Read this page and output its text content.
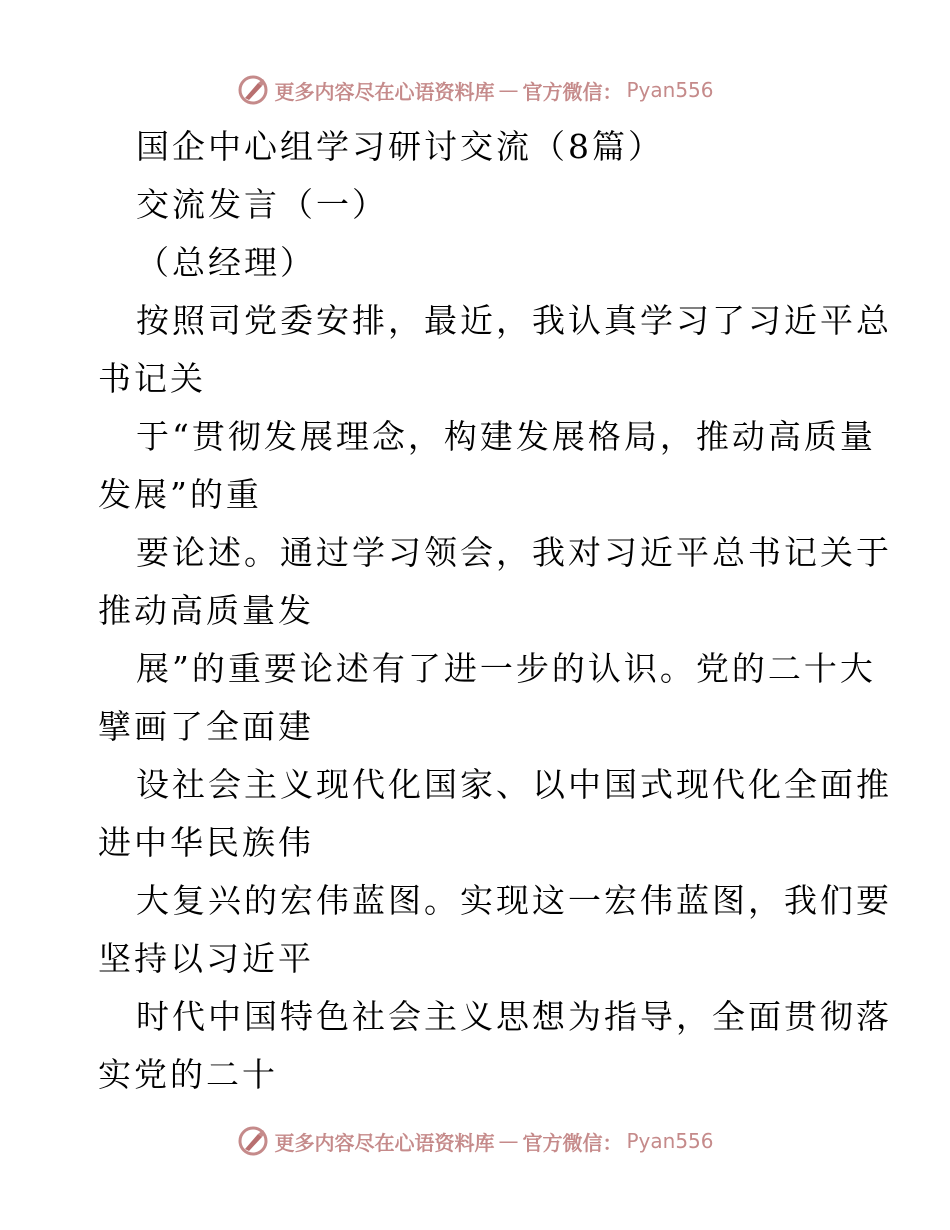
更多内容尽在心语资料库 — 官方微信： Pyan556
国企中心组学习研讨交流（8篇）
交流发言（一）
（总经理）
按照司党委安排，最近，我认真学习了习近平总
书记关
于“贯彻发展理念，构建发展格局，推动高质量
发展”的重
要论述。通过学习领会，我对习近平总书记关于
推动高质量发
展”的重要论述有了进一步的认识。党的二十大
擘画了全面建
设社会主义现代化国家、以中国式现代化全面推
进中华民族伟
大复兴的宏伟蓝图。实现这一宏伟蓝图，我们要
坚持以习近平
时代中国特色社会主义思想为指导，全面贯彻落
实党的二十
更多内容尽在心语资料库 — 官方微信： Pyan556
